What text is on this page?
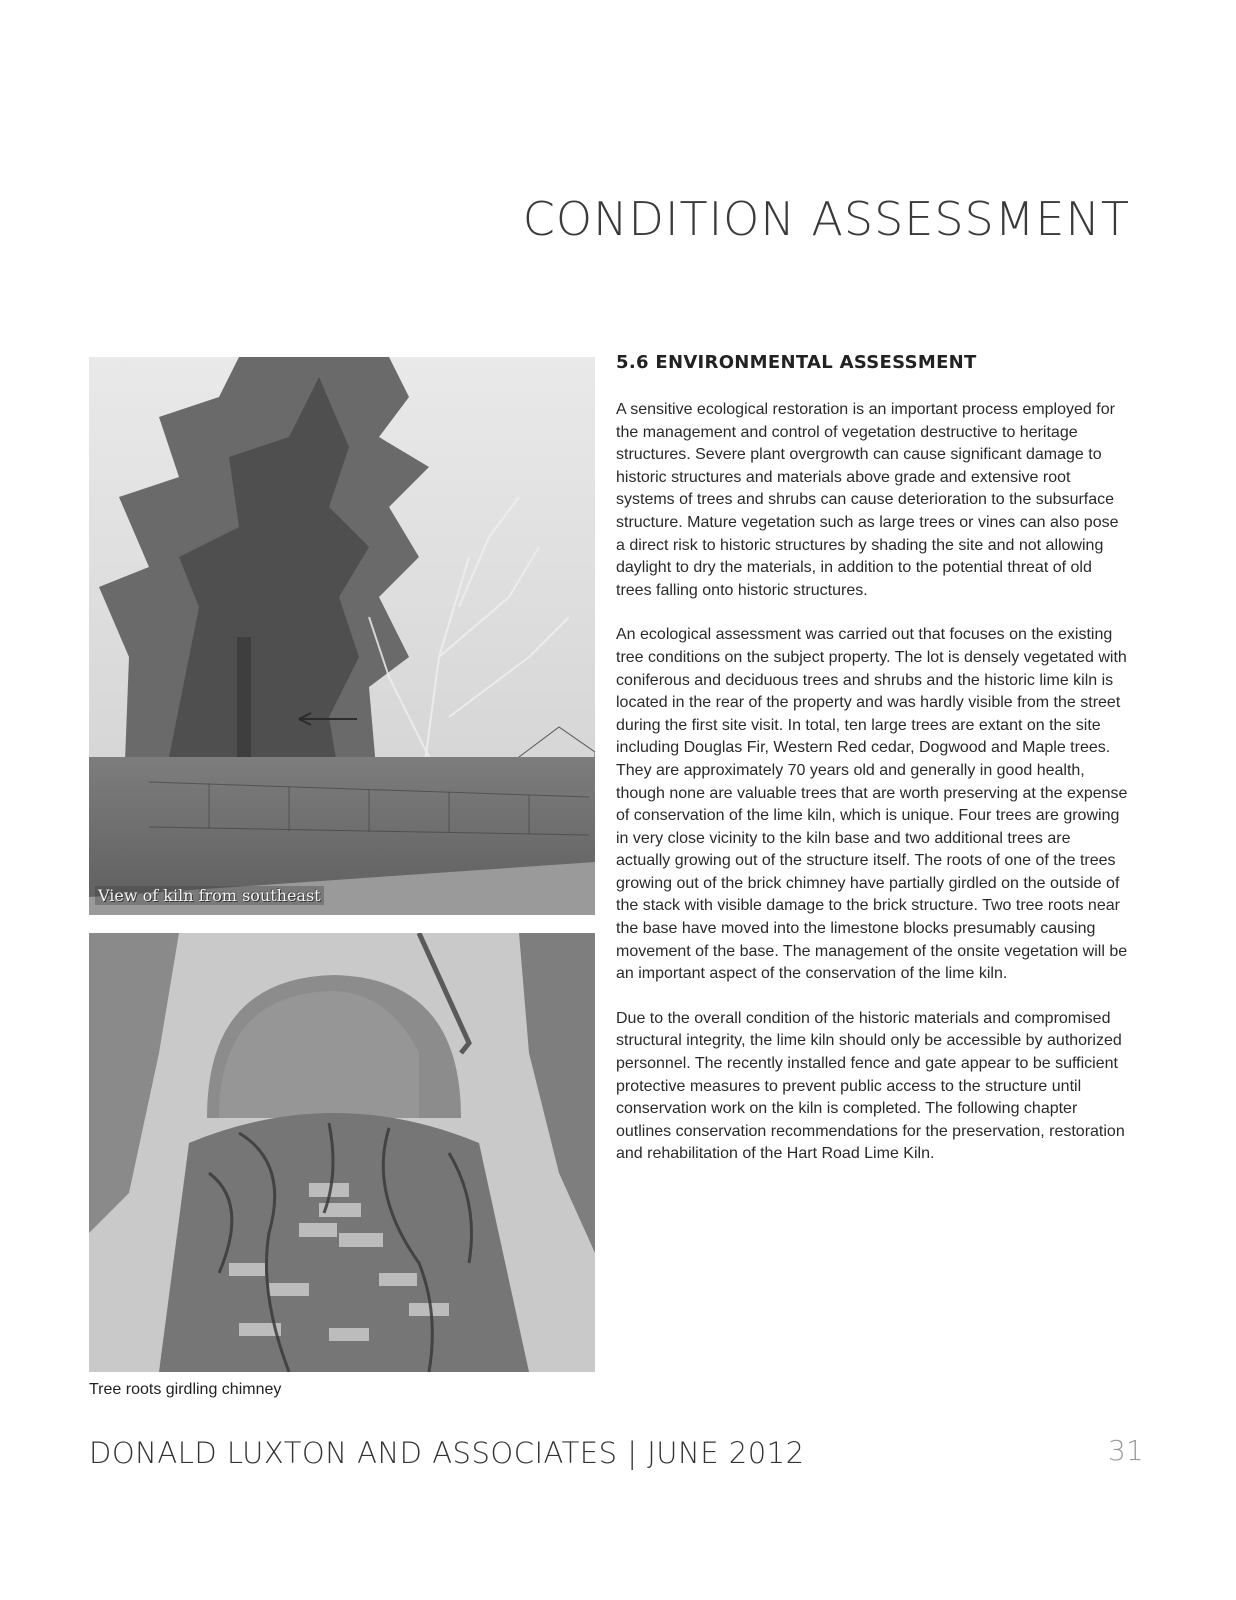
CONDITION ASSESSMENT
View of kiln from southeast
Tree roots girdling chimney
5.6 ENVIRONMENTAL ASSESSMENT

A sensitive ecological restoration is an important process employed for the management and control of vegetation destructive to heritage structures. Severe plant overgrowth can cause significant damage to historic structures and materials above grade and extensive root systems of trees and shrubs can cause deterioration to the subsurface structure. Mature vegetation such as large trees or vines can also pose a direct risk to historic structures by shading the site and not allowing daylight to dry the materials, in addition to the potential threat of old trees falling onto historic structures.

An ecological assessment was carried out that focuses on the existing tree conditions on the subject property. The lot is densely vegetated with coniferous and deciduous trees and shrubs and the historic lime kiln is located in the rear of the property and was hardly visible from the street during the first site visit. In total, ten large trees are extant on the site including Douglas Fir, Western Red cedar, Dogwood and Maple trees. They are approximately 70 years old and generally in good health, though none are valuable trees that are worth preserving at the expense of conservation of the lime kiln, which is unique. Four trees are growing in very close vicinity to the kiln base and two additional trees are actually growing out of the structure itself. The roots of one of the trees growing out of the brick chimney have partially girdled on the outside of the stack with visible damage to the brick structure. Two tree roots near the base have moved into the limestone blocks presumably causing movement of the base. The management of the onsite vegetation will be an important aspect of the conservation of the lime kiln.

Due to the overall condition of the historic materials and compromised structural integrity, the lime kiln should only be accessible by authorized personnel. The recently installed fence and gate appear to be sufficient protective measures to prevent public access to the structure until conservation work on the kiln is completed. The following chapter outlines conservation recommendations for the preservation, restoration and rehabilitation of the Hart Road Lime Kiln.

DONALD LUXTON AND ASSOCIATES | JUNE 2012	31
